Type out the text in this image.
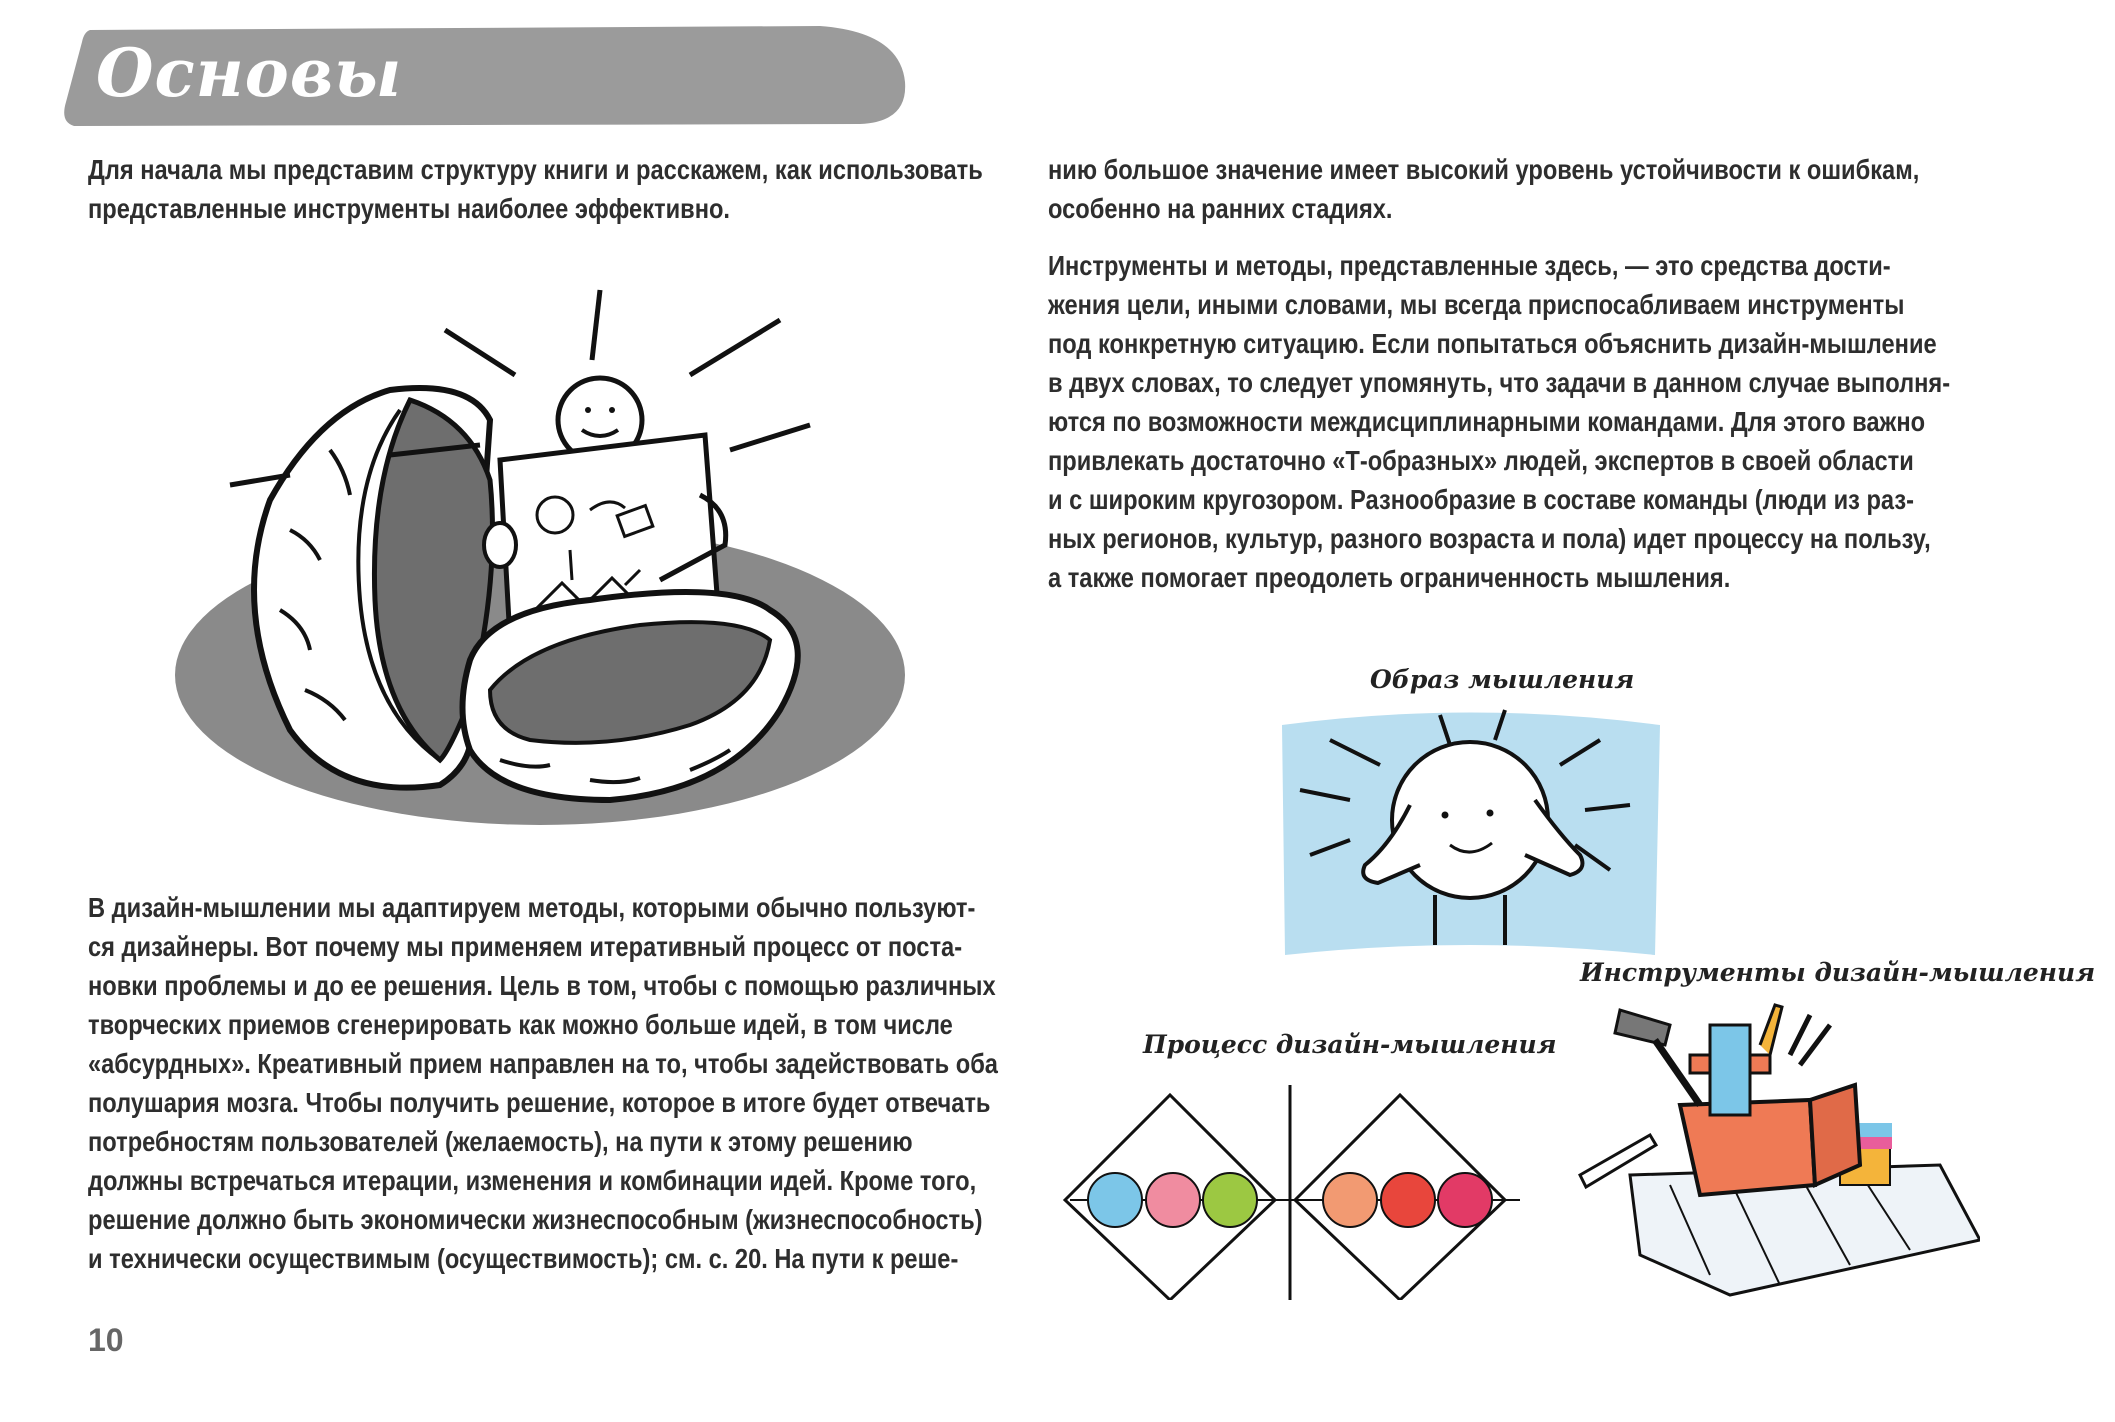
Основы
Для начала мы представим структуру книги и расскажем, как использовать
представленные инструменты наиболее эффективно.
В дизайн-мышлении мы адаптируем методы, которыми обычно пользуют-
ся дизайнеры. Вот почему мы применяем итеративный процесс от поста-
новки проблемы и до ее решения. Цель в том, чтобы с помощью различных
творческих приемов сгенерировать как можно больше идей, в том числе
«абсурдных». Креативный прием направлен на то, чтобы задействовать оба
полушария мозга. Чтобы получить решение, которое в итоге будет отвечать
потребностям пользователей (желаемость), на пути к этому решению
должны встречаться итерации, изменения и комбинации идей. Кроме того,
решение должно быть экономически жизнеспособным (жизнеспособность)
и технически осуществимым (осуществимость); см. с. 20. На пути к реше-
нию большое значение имеет высокий уровень устойчивости к ошибкам,
особенно на ранних стадиях.
Инструменты и методы, представленные здесь, — это средства дости-
жения цели, иными словами, мы всегда приспосабливаем инструменты
под конкретную ситуацию. Если попытаться объяснить дизайн-мышление
в двух словах, то следует упомянуть, что задачи в данном случае выполня-
ются по возможности междисциплинарными командами. Для этого важно
привлекать достаточно «Т-образных» людей, экспертов в своей области
и с широким кругозором. Разнообразие в составе команды (люди из раз-
ных регионов, культур, разного возраста и пола) идет процессу на пользу,
а также помогает преодолеть ограниченность мышления.
Образ мышления
Инструменты дизайн-мышления
Процесс дизайн-мышления
10
